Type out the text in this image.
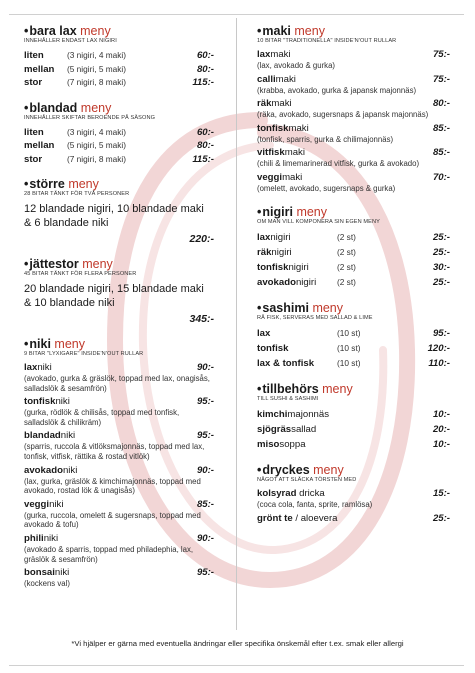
•bara lax meny
INNEHÅLLER ENDAST LAX NIGIRI
liten	(3 nigiri, 4 maki)	60:-
mellan	(5 nigiri, 5 maki)	80:-
stor	(7 nigiri, 8 maki)	115:-
•blandad meny
INNEHÅLLER SKIFTAR BEROENDE PÅ SÄSONG
liten	(3 nigiri, 4 maki)	60:-
mellan	(5 nigiri, 5 maki)	80:-
stor	(7 nigiri, 8 maki)	115:-
•större meny
28 BITAR TÄNKT FÖR TVÅ PERSONER
12 blandade nigiri, 10 blandade maki & 6 blandade niki
220:-
•jättestor meny
45 BITAR TÄNKT FÖR FLERA PERSONER
20 blandade nigiri, 15 blandade maki & 10 blandade niki
345:-
•niki meny
9 BITAR "LYXIGARE" INSIDE'N'OUT RULLAR
laxniki	90:-
(avokado, gurka & gräslök, toppad med lax, onagisås, salladslök & sesamfrön)
tonfiskniki	95:-
(gurka, rödlök & chilisås, toppad med tonfisk, salladslök & chilikräm)
blandadniki	95:-
(sparris, ruccola & vitlöksmajonnäs, toppad med lax, tonfisk, vitfisk, rättika & rostad vitlök)
avokadoniki	90:-
(lax, gurka, gräslök & kimchimajonnäs, toppad med avokado, rostad lök & unagisås)
vegginiki	85:-
(gurka, ruccola, omelett & sugersnaps, toppad med avokado & tofu)
philiniki	90:-
(avokado & sparris, toppad med philadephia, lax, gräslök & sesamfrön)
bonsainiki	95:-
(kockens val)
•maki meny
10 BITAR "TRADITIONELLA" INSIDE'N'OUT RULLAR
laxmaki	75:-
(lax, avokado & gurka)
callimaki	75:-
(krabba, avokado, gurka & japansk majonnäs)
räkmaki	80:-
(räka, avokado, sugersnaps & japansk majonnäs)
tonfiskmaki	85:-
(tonfisk, sparris, gurka & chilimajonnäs)
vitfiskmaki	85:-
(chili & limemarinerad vitfisk, gurka & avokado)
veggimaki	70:-
(omelett, avokado, sugersnaps & gurka)
•nigiri meny
OM MAN VILL KOMPONERA SIN EGEN MENY
laxnigiri	(2 st)	25:-
räknigiri	(2 st)	25:-
tonfisknigiri	(2 st)	30:-
avokadonigiri	(2 st)	25:-
•sashimi meny
RÅ FISK, SERVERAS MED SALLAD & LIME
lax	(10 st)	95:-
tonfisk	(10 st)	120:-
lax & tonfisk	(10 st)	110:-
•tillbehörs meny
TILL SUSHI & SASHIMI
kimchimajonnäs	10:-
sjögrässallad	20:-
misosoppa	10:-
•dryckes meny
NÅGOT ATT SLÄCKA TÖRSTEN MED
kolsyrad dricka	15:-
(coca cola, fanta, sprite, ramlösa)
grönt te / aloevera	25:-
*Vi hjälper er gärna med eventuella ändringar eller specifika önskemål efter t.ex. smak eller allergi
